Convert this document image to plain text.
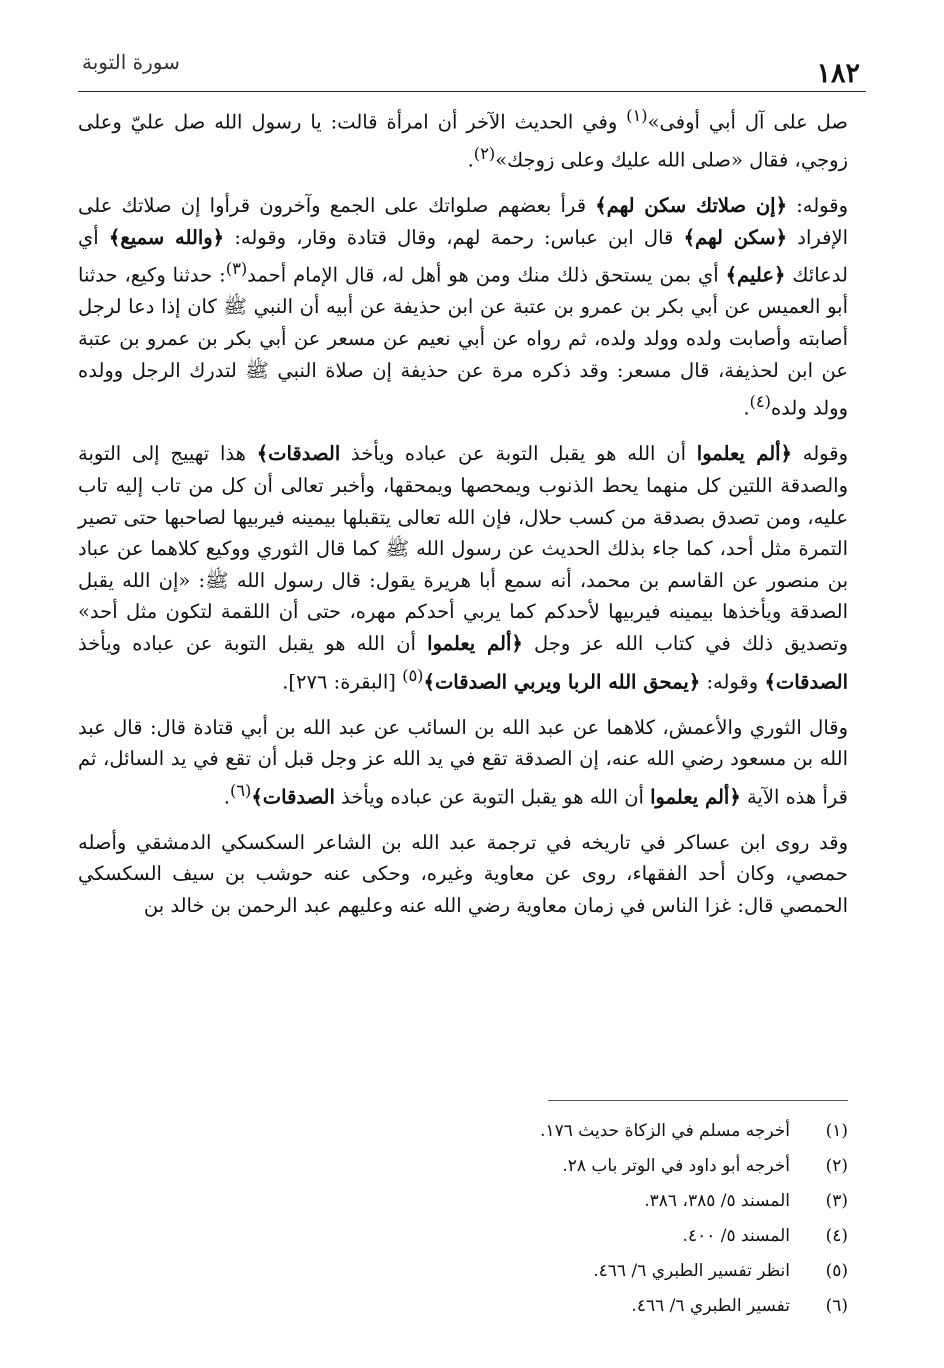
سورة التوبة	١٨٢

صل على آل أبي أوفى»$^{(١)}$ وفي الحديث الآخر أن امرأة قالت: يا رسول الله صل عليّ وعلى زوجي، فقال «صلى الله عليك وعلى زوجك»$^{(٢)}$.

وقوله: ﴿إن صلاتك سكن لهم﴾ قرأ بعضهم صلواتك على الجمع وآخرون قرأوا إن صلاتك على الإفراد ﴿سكن لهم﴾ قال ابن عباس: رحمة لهم، وقال قتادة وقار، وقوله: ﴿والله سميع﴾ أي لدعائك ﴿عليم﴾ أي بمن يستحق ذلك منك ومن هو أهل له، قال الإمام أحمد$^{(٣)}$: حدثنا وكيع، حدثنا أبو العميس عن أبي بكر بن عمرو بن عتبة عن ابن حذيفة عن أبيه أن النبي ﷺ كان إذا دعا لرجل أصابته وأصابت ولده وولد ولده، ثم رواه عن أبي نعيم عن مسعر عن أبي بكر بن عمرو بن عتبة عن ابن لحذيفة، قال مسعر: وقد ذكره مرة عن حذيفة إن صلاة النبي ﷺ لتدرك الرجل وولده وولد ولده$^{(٤)}$.

وقوله ﴿ألم يعلموا أن الله هو يقبل التوبة عن عباده ويأخذ الصدقات﴾ هذا تهييج إلى التوبة والصدقة اللتين كل منهما يحط الذنوب ويمحصها ويمحقها، وأخبر تعالى أن كل من تاب إليه تاب عليه، ومن تصدق بصدقة من كسب حلال، فإن الله تعالى يتقبلها بيمينه فيربيها لصاحبها حتى تصير التمرة مثل أحد، كما جاء بذلك الحديث عن رسول الله ﷺ كما قال الثوري ووكيع كلاهما عن عباد بن منصور عن القاسم بن محمد، أنه سمع أبا هريرة يقول: قال رسول الله ﷺ: «إن الله يقبل الصدقة ويأخذها بيمينه فيربيها لأحدكم كما يربي أحدكم مهره، حتى أن اللقمة لتكون مثل أحد» وتصديق ذلك في كتاب الله عز وجل ﴿ألم يعلموا أن الله هو يقبل التوبة عن عباده ويأخذ الصدقات﴾ وقوله: ﴿يمحق الله الربا ويربي الصدقات﴾$^{(٥)}$ [البقرة: ٢٧٦].

وقال الثوري والأعمش، كلاهما عن عبد الله بن السائب عن عبد الله بن أبي قتادة قال: قال عبد الله بن مسعود رضي الله عنه، إن الصدقة تقع في يد الله عز وجل قبل أن تقع في يد السائل، ثم قرأ هذه الآية ﴿ألم يعلموا أن الله هو يقبل التوبة عن عباده ويأخذ الصدقات﴾$^{(٦)}$.

وقد روى ابن عساكر في تاريخه في ترجمة عبد الله بن الشاعر السكسكي الدمشقي وأصله حمصي، وكان أحد الفقهاء، روى عن معاوية وغيره، وحكى عنه حوشب بن سيف السكسكي الحمصي قال: غزا الناس في زمان معاوية رضي الله عنه وعليهم عبد الرحمن بن خالد بن

(١)أخرجه مسلم في الزكاة حديث ١٧٦.
(٢)أخرجه أبو داود في الوتر باب ٢٨.
(٣)المسند ٥/ ٣٨٥، ٣٨٦.
(٤)المسند ٥/ ٤٠٠.
(٥)انظر تفسير الطبري ٦/ ٤٦٦.
(٦)تفسير الطبري ٦/ ٤٦٦.
